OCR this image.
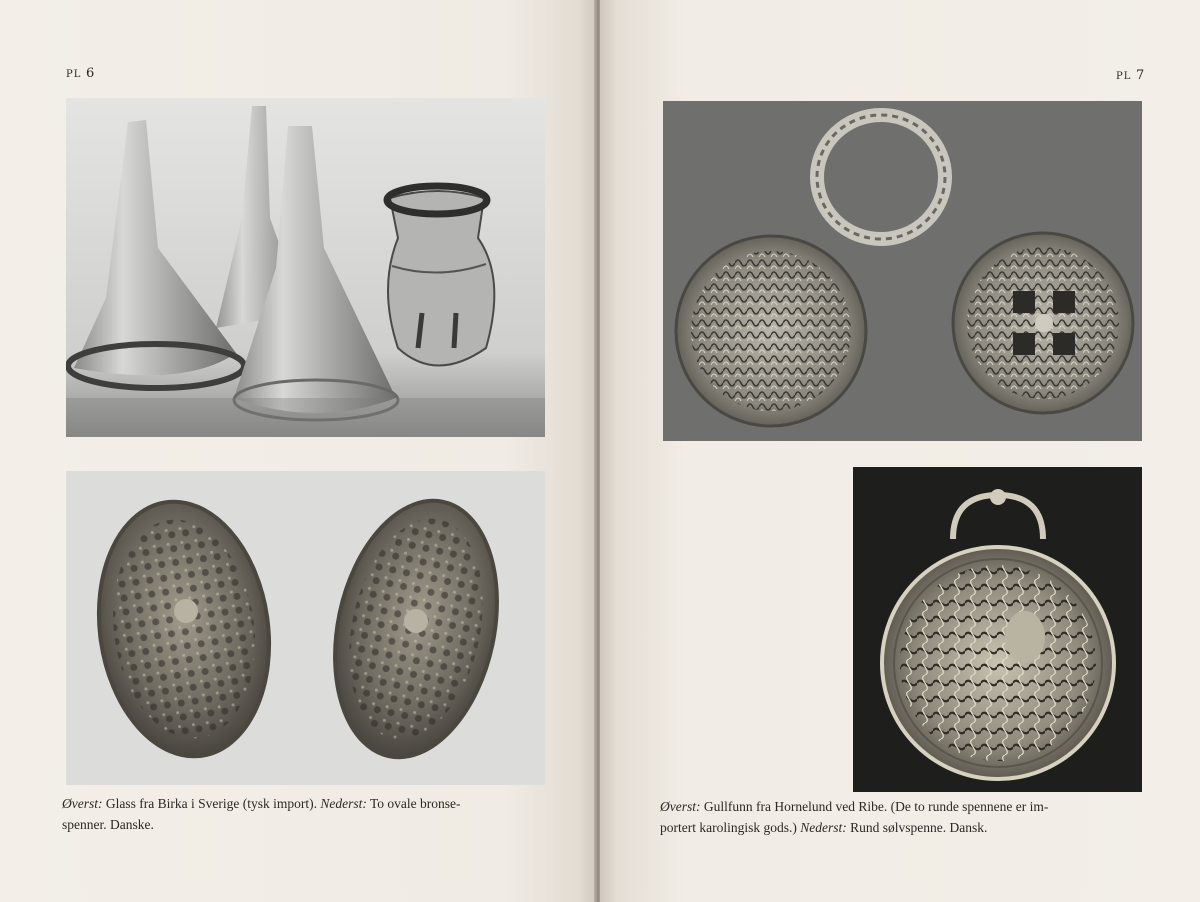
PL 6
Øverst: Glass fra Birka i Sverige (tysk import). Nederst: To ovale bronse-
spenner. Danske.
PL 7
Øverst: Gullfunn fra Hornelund ved Ribe. (De to runde spennene er im-
portert karolingisk gods.) Nederst: Rund sølvspenne. Dansk.
